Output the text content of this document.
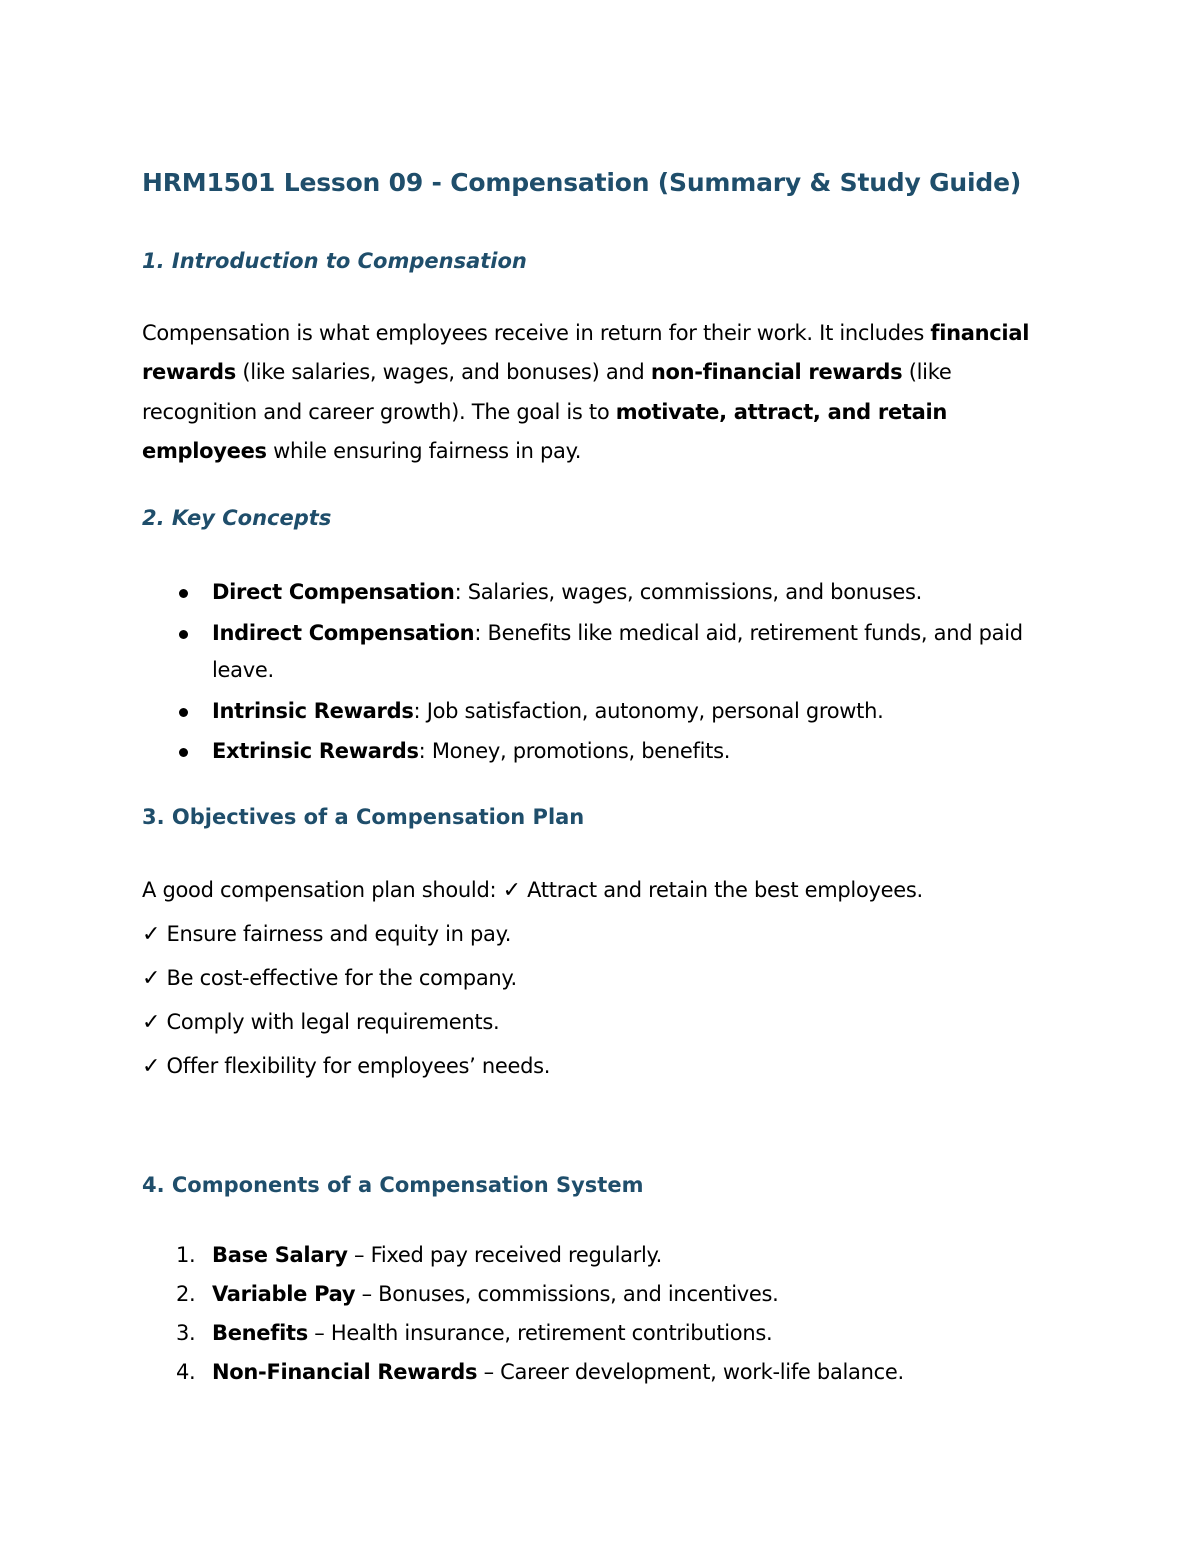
HRM1501 Lesson 09 - Compensation (Summary & Study Guide)
1. Introduction to Compensation

Compensation is what employees receive in return for their work. It includes financial rewards (like salaries, wages, and bonuses) and non-financial rewards (like recognition and career growth). The goal is to motivate, attract, and retain employees while ensuring fairness in pay.

2. Key Concepts
Direct Compensation: Salaries, wages, commissions, and bonuses.
Indirect Compensation: Benefits like medical aid, retirement funds, and paid leave.
Intrinsic Rewards: Job satisfaction, autonomy, personal growth.
Extrinsic Rewards: Money, promotions, benefits.
3. Objectives of a Compensation Plan
A good compensation plan should: ✓ Attract and retain the best employees.
✓ Ensure fairness and equity in pay.
✓ Be cost-effective for the company.
✓ Comply with legal requirements.
✓ Offer flexibility for employees’ needs.
4. Components of a Compensation System
1. Base Salary – Fixed pay received regularly.
2. Variable Pay – Bonuses, commissions, and incentives.
3. Benefits – Health insurance, retirement contributions.
4. Non-Financial Rewards – Career development, work-life balance.
